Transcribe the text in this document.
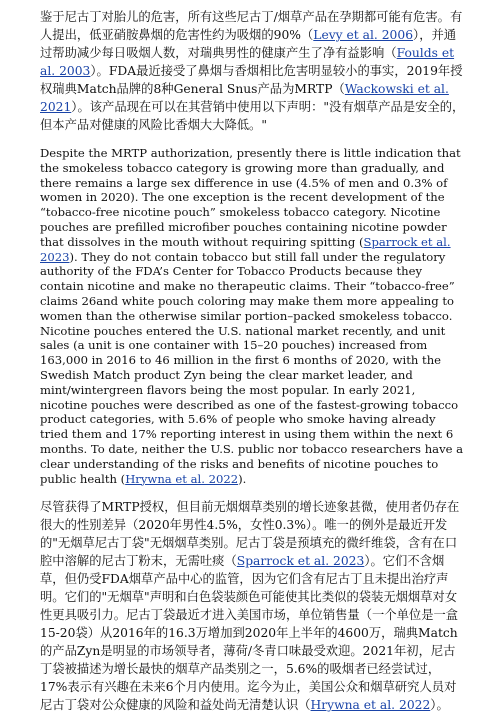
鉴于尼古丁对胎儿的危害，所有这些尼古丁/烟草产品在孕期都可能有危害。有人提出，低亚硝胺鼻烟的危害性约为吸烟的90%（Levy et al. 2006），并通过帮助减少每日吸烟人数，对瑞典男性的健康产生了净有益影响（Foulds et al. 2003）。FDA最近接受了鼻烟与香烟相比危害明显较小的事实，2019年授权瑞典Match品牌的8种General Snus产品为MRTP（Wackowski et al. 2021）。该产品现在可以在其营销中使用以下声明："没有烟草产品是安全的，但本产品对健康的风险比香烟大大降低。"

Despite the MRTP authorization, presently there is little indication that the smokeless tobacco category is growing more than gradually, and there remains a large sex difference in use (4.5% of men and 0.3% of women in 2020). The one exception is the recent development of the “tobacco-free nicotine pouch” smokeless tobacco category. Nicotine pouches are prefilled microfiber pouches containing nicotine powder that dissolves in the mouth without requiring spitting (Sparrock et al. 2023). They do not contain tobacco but still fall under the regulatory authority of the FDA’s Center for Tobacco Products because they contain nicotine and make no therapeutic claims. Their “tobacco-free” claims 26and white pouch coloring may make them more appealing to women than the otherwise similar portion–packed smokeless tobacco. Nicotine pouches entered the U.S. national market recently, and unit sales (a unit is one container with 15–20 pouches) increased from 163,000 in 2016 to 46 million in the first 6 months of 2020, with the Swedish Match product Zyn being the clear market leader, and mint/wintergreen flavors being the most popular. In early 2021, nicotine pouches were described as one of the fastest-growing tobacco product categories, with 5.6% of people who smoke having already tried them and 17% reporting interest in using them within the next 6 months. To date, neither the U.S. public nor tobacco researchers have a clear understanding of the risks and benefits of nicotine pouches to public health (Hrywna et al. 2022).

尽管获得了MRTP授权，但目前无烟烟草类别的增长迹象甚微，使用者仍存在很大的性别差异（2020年男性4.5%，女性0.3%）。唯一的例外是最近开发的"无烟草尼古丁袋"无烟烟草类别。尼古丁袋是预填充的微纤维袋，含有在口腔中溶解的尼古丁粉末，无需吐痰（Sparrock et al. 2023）。它们不含烟草，但仍受FDA烟草产品中心的监管，因为它们含有尼古丁且未提出治疗声明。它们的"无烟草"声明和白色袋装颜色可能使其比类似的袋装无烟烟草对女性更具吸引力。尼古丁袋最近才进入美国市场，单位销售量（一个单位是一盒15-20袋）从2016年的16.3万增加到2020年上半年的4600万，瑞典Match的产品Zyn是明显的市场领导者，薄荷/冬青口味最受欢迎。2021年初，尼古丁袋被描述为增长最快的烟草产品类别之一，5.6%的吸烟者已经尝试过，17%表示有兴趣在未来6个月内使用。迄今为止，美国公众和烟草研究人员对尼古丁袋对公众健康的风险和益处尚无清楚认识（Hrywna et al. 2022）。
